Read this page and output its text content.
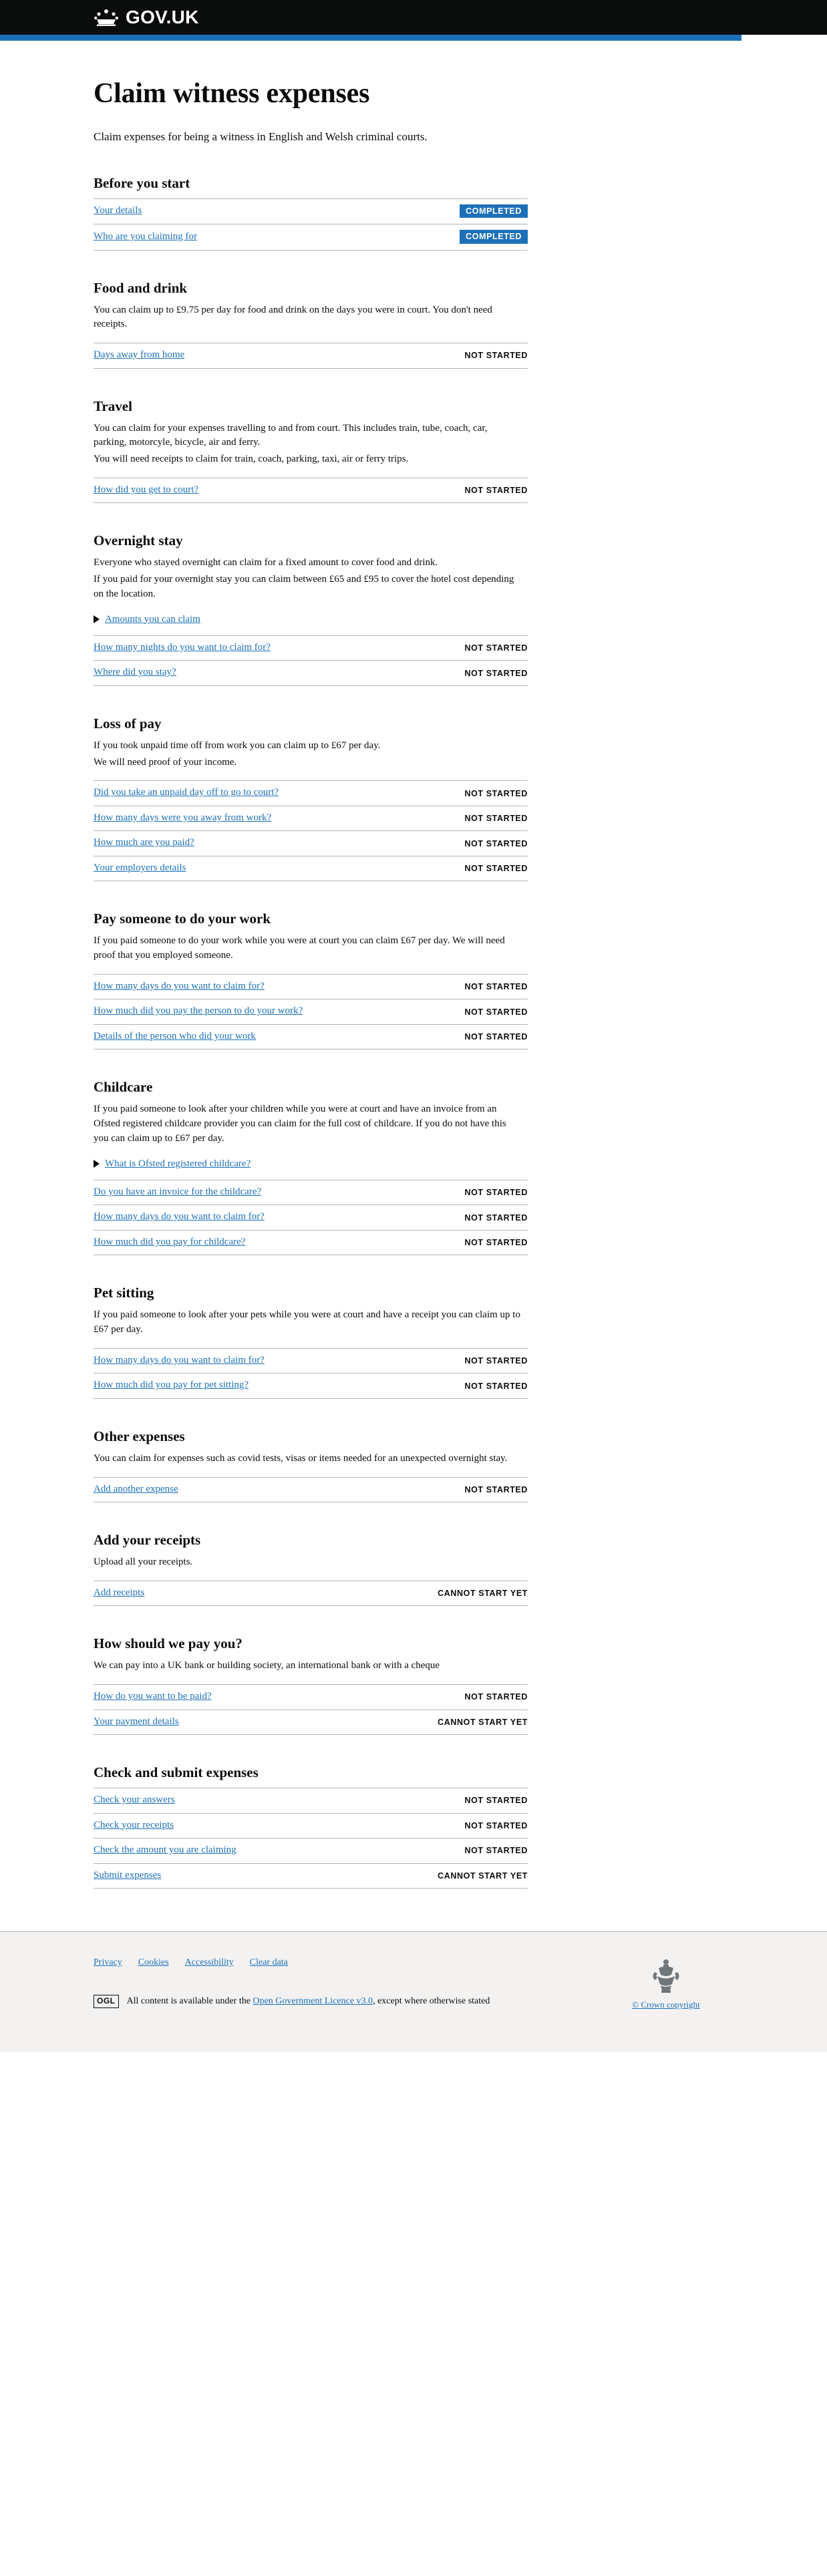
GOV.UK
Claim witness expenses

Claim expenses for being a witness in English and Welsh criminal courts.

Before you start
Your details	COMPLETED
Who are you claiming for	COMPLETED
Food and drink

You can claim up to £9.75 per day for food and drink on the days you were in court. You don't need receipts.

Days away from home	NOT STARTED
Travel

You can claim for your expenses travelling to and from court. This includes train, tube, coach, car, parking, motorcyle, bicycle, air and ferry.

You will need receipts to claim for train, coach, parking, taxi, air or ferry trips.

How did you get to court?	NOT STARTED
Overnight stay

Everyone who stayed overnight can claim for a fixed amount to cover food and drink.

If you paid for your overnight stay you can claim between £65 and £95 to cover the hotel cost depending on the location.

Amounts you can claim
How many nights do you want to claim for?	NOT STARTED
Where did you stay?	NOT STARTED
Loss of pay

If you took unpaid time off from work you can claim up to £67 per day.

We will need proof of your income.

Did you take an unpaid day off to go to court?	NOT STARTED
How many days were you away from work?	NOT STARTED
How much are you paid?	NOT STARTED
Your employers details	NOT STARTED
Pay someone to do your work

If you paid someone to do your work while you were at court you can claim £67 per day. We will need proof that you employed someone.

How many days do you want to claim for?	NOT STARTED
How much did you pay the person to do your work?	NOT STARTED
Details of the person who did your work	NOT STARTED
Childcare

If you paid someone to look after your children while you were at court and have an invoice from an Ofsted registered childcare provider you can claim for the full cost of childcare. If you do not have this you can claim up to £67 per day.

What is Ofsted registered childcare?
Do you have an invoice for the childcare?	NOT STARTED
How many days do you want to claim for?	NOT STARTED
How much did you pay for childcare?	NOT STARTED
Pet sitting

If you paid someone to look after your pets while you were at court and have a receipt you can claim up to £67 per day.

How many days do you want to claim for?	NOT STARTED
How much did you pay for pet sitting?	NOT STARTED
Other expenses

You can claim for expenses such as covid tests, visas or items needed for an unexpected overnight stay.

Add another expense	NOT STARTED
Add your receipts

Upload all your receipts.

Add receipts	CANNOT START YET
How should we pay you?

We can pay into a UK bank or building society, an international bank or with a cheque

How do you want to be paid?	NOT STARTED
Your payment details	CANNOT START YET
Check and submit expenses
Check your answers	NOT STARTED
Check your receipts	NOT STARTED
Check the amount you are claiming	NOT STARTED
Submit expenses	CANNOT START YET
Privacy Cookies Accessibility Clear data
OGL	All content is available under the Open Government Licence v3.0, except where otherwise stated	© Crown copyright
